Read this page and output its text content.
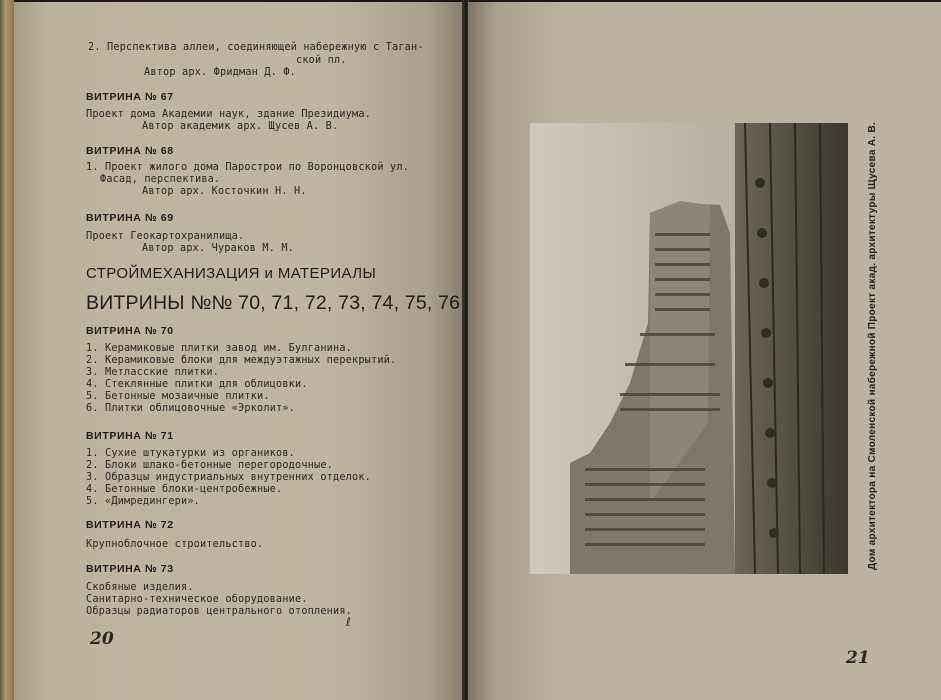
2. Перспектива аллеи, соединяющей набережную с Таган-
ской пл.
Автор арх. Фридман Д. Ф.
ВИТРИНА № 67
Проект дома Академии наук, здание Президиума.
Автор академик арх. Щусев А. В.
ВИТРИНА № 68
1. Проект жилого дома Парострои по Воронцовской ул.
Фасад, перспектива.
Автор арх. Косточкин Н. Н.
ВИТРИНА № 69
Проект Геокартохранилища.
Автор арх. Чураков М. М.
СТРОЙМЕХАНИЗАЦИЯ и МАТЕРИАЛЫ
ВИТРИНЫ №№ 70, 71, 72, 73, 74, 75, 76
ВИТРИНА № 70
1. Керамиковые плитки завод им. Булганина.
2. Керамиковые блоки для междуэтажных перекрытий.
3. Метласские плитки.
4. Стеклянные плитки для облицовки.
5. Бетонные мозаичные плитки.
6. Плитки облицовочные «Эрколит».
ВИТРИНА № 71
1. Сухие штукатурки из органиков.
2. Блоки шлако-бетонные перегородочные.
3. Образцы индустриальных внутренних отделок.
4. Бетонные блоки-центробежные.
5. «Димредингери».
ВИТРИНА № 72
Крупноблочное строительство.
ВИТРИНА № 73
Скобяные изделия.
Санитарно-техническое оборудование.
Образцы радиаторов центрального отопления.
20
21
Дом архитектора на Смоленской набережной Проект акад. архитектуры Щусева А. В.
ℓ
